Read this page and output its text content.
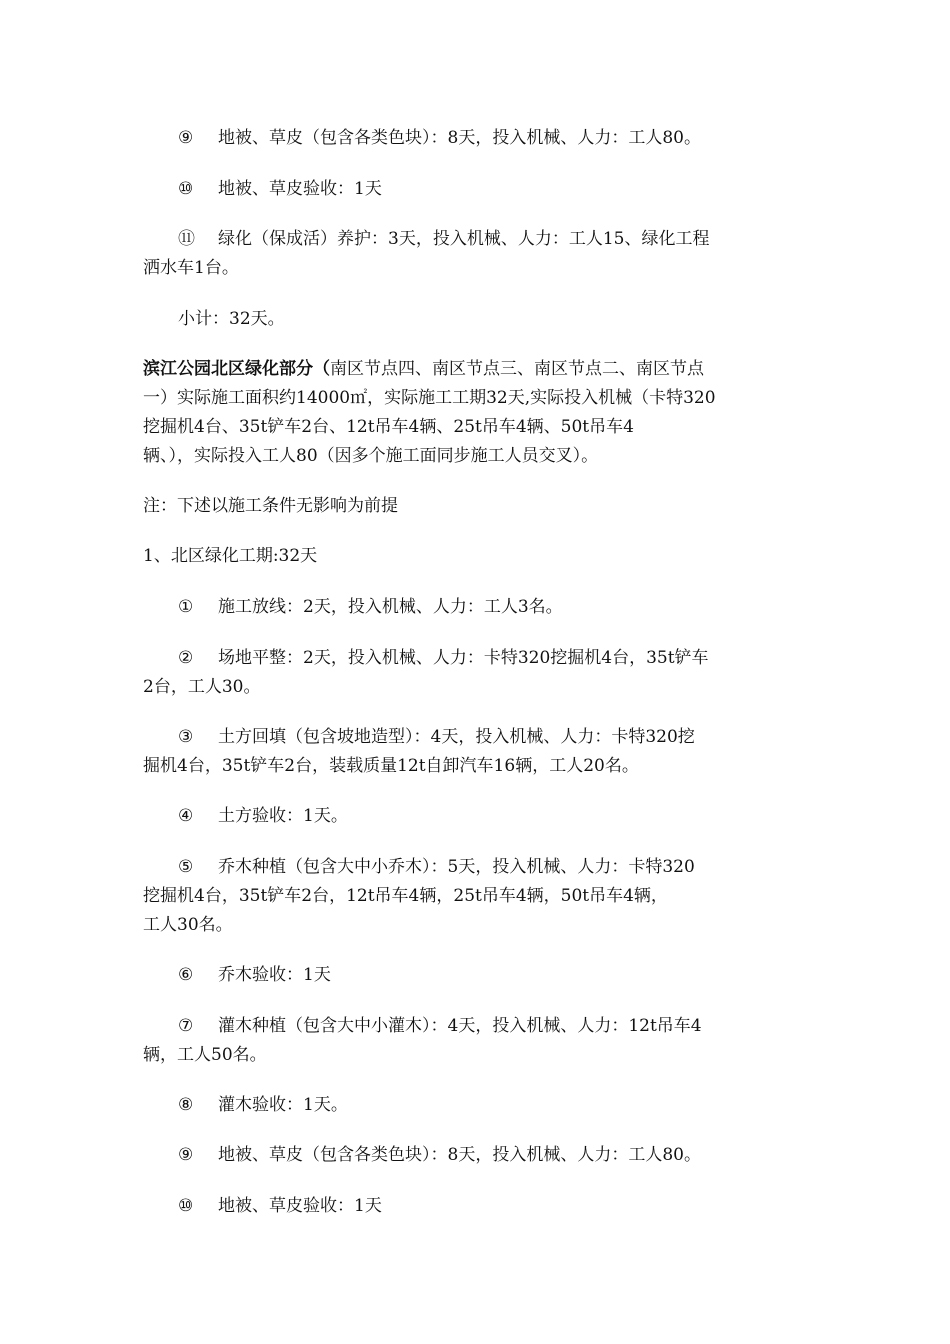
⑨ 地被、草皮（包含各类色块）：8天，投入机械、人力：工人80。

⑩ 地被、草皮验收：1天

⑪ 绿化（保成活）养护：3天，投入机械、人力：工人15、绿化工程

洒水车1台。

小计：32天。

滨江公园北区绿化部分（南区节点四、南区节点三、南区节点二、南区节点

一）实际施工面积约14000㎡，实际施工工期32天,实际投入机械（卡特320

挖掘机4台、35t铲车2台、12t吊车4辆、25t吊车4辆、50t吊车4

辆、），实际投入工人80（因多个施工面同步施工人员交叉）。

注：下述以施工条件无影响为前提

1、北区绿化工期:32天

① 施工放线：2天，投入机械、人力：工人3名。

② 场地平整：2天，投入机械、人力：卡特320挖掘机4台，35t铲车

2台，工人30。

③ 土方回填（包含坡地造型）：4天，投入机械、人力：卡特320挖

掘机4台，35t铲车2台，装载质量12t自卸汽车16辆，工人20名。

④ 土方验收：1天。

⑤ 乔木种植（包含大中小乔木）：5天，投入机械、人力：卡特320

挖掘机4台，35t铲车2台，12t吊车4辆，25t吊车4辆，50t吊车4辆，

工人30名。

⑥ 乔木验收：1天

⑦ 灌木种植（包含大中小灌木）：4天，投入机械、人力：12t吊车4

辆，工人50名。

⑧ 灌木验收：1天。

⑨ 地被、草皮（包含各类色块）：8天，投入机械、人力：工人80。

⑩ 地被、草皮验收：1天
